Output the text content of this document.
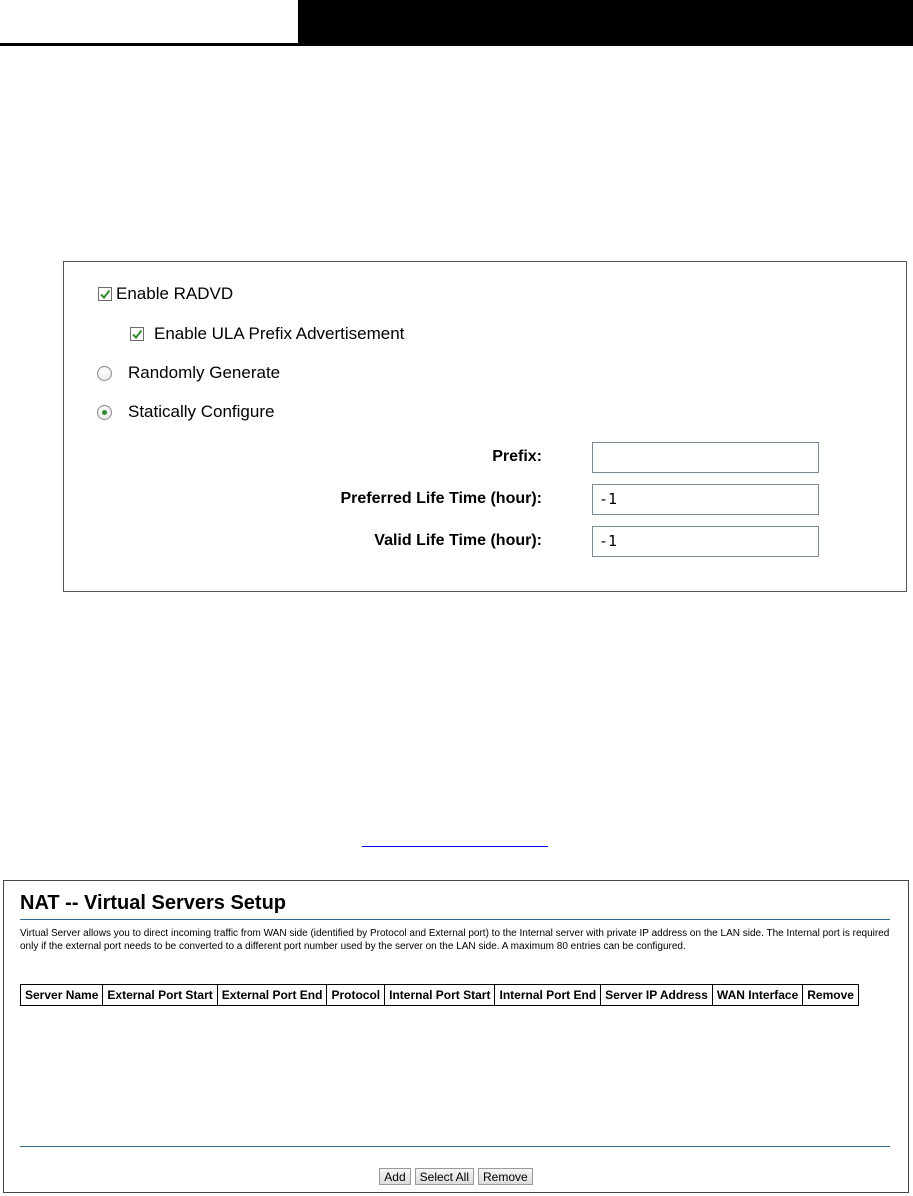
Enable RADVD
Enable ULA Prefix Advertisement
Randomly Generate
Statically Configure
Prefix:
Preferred Life Time (hour):	-1
Valid Life Time (hour):	-1
NAT -- Virtual Servers Setup
Virtual Server allows you to direct incoming traffic from WAN side (identified by Protocol and External port) to the Internal server with private IP address on the LAN side. The Internal port is required only if the external port needs to be converted to a different port number used by the server on the LAN side. A maximum 80 entries can be configured.
Server Name	External Port Start	External Port End	Protocol	Internal Port Start	Internal Port End	Server IP Address	WAN Interface	Remove
Add Select All Remove
